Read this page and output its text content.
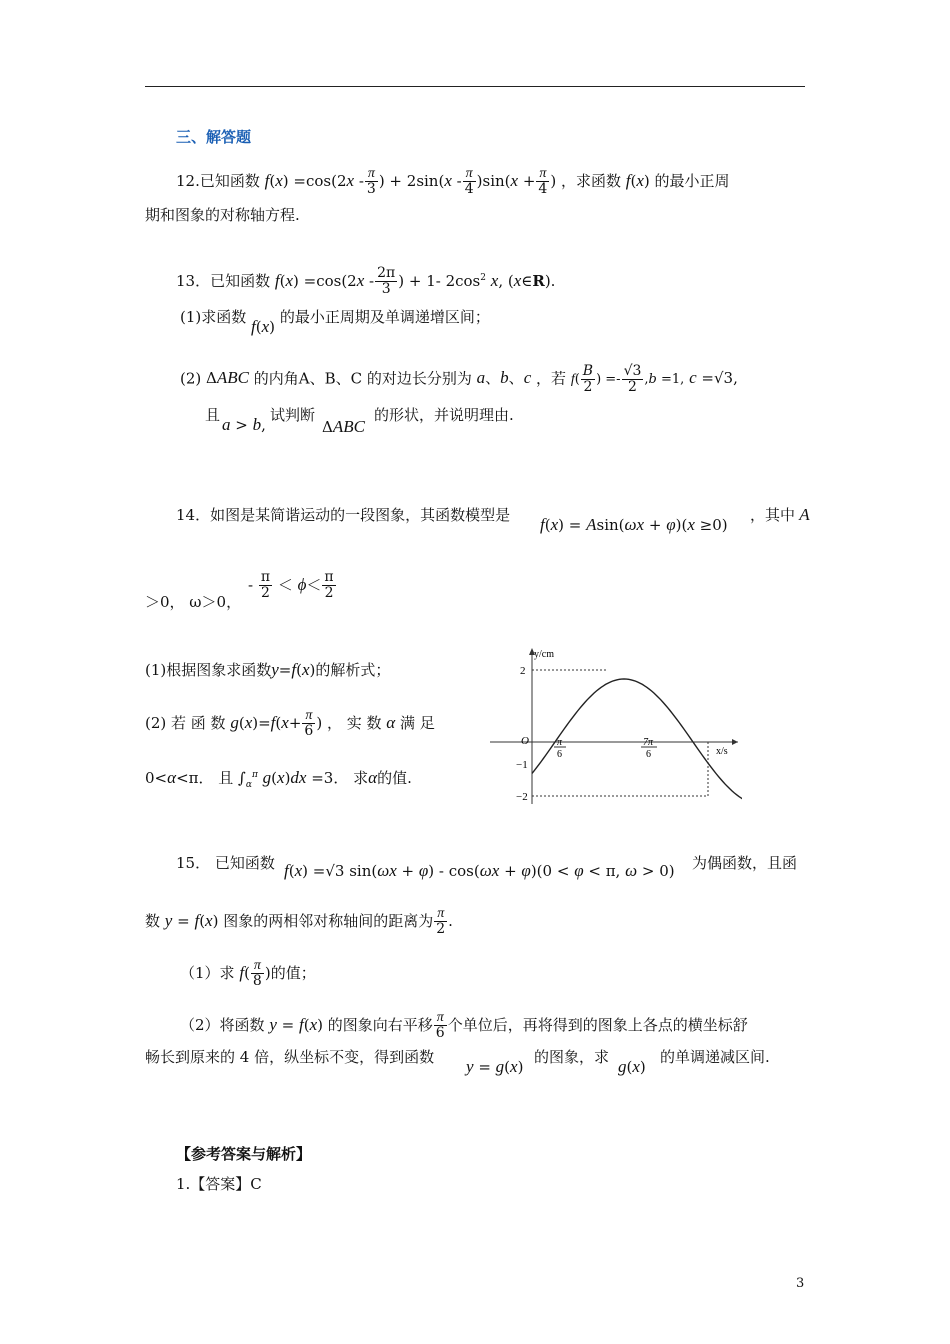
三、解答题
12.已知函数 $f(x) =\cos(2x - \frac{\pi}{3}$ ) + $2\sin(x - \frac{\pi}{4} )\sin(x + \frac{\pi}{4}$ ) ，求函数 f(x) 的最小正周
期和图象的对称轴方程.
13．已知函数 $f(x) =\cos(2x - \frac{2\pi}{3}$ ) + 1- $2\cos^2$ x, (x∈R).
(1)求函数 f(x) 的最小正周期及单调递增区间；
(2) ΔABC 的内角A、B、C 的对边长分别为 a、b、c ，若 $f( \frac{B}{2}$ ) =- $\frac{√3}{2} ,b =1$, c =√3,
且 a > b,
试判断
ΔABC
的形状，并说明理由.
14．如图是某简谐运动的一段图象，其函数模型是 f(x) = Asin(ωx + φ)(x ≥0)
，其中 A
＞0， ω＞0，
- $\frac{\pi}{2} < \phi< \frac{\pi}{2}$
(1)根据图象求函数y=f(x)的解析式；
(2) 若 函 数 $g(x)=f(x+ \frac{\pi}{6}$ ) ， 实 数 α 满 足
0<α<π． 且 $\int_\alpha^\pi$ g(x)dx =3． 求α的值.
y/cm
x/s
2
−1
−2
O	π
6
7π
6
15． 已知函数 f(x) =√3 sin(ωx + φ) - cos(ωx + φ)(0 < φ < π, ω > 0) 为偶函数，且函
数 y = f(x) 图象的两相邻对称轴间的距离为 $\frac{\pi}{2}$ .
（1）求 $f( \frac{\pi}{8}$ )的值；
（2）将函数 y = f(x) 的图象向右平移 $\frac{\pi}{6}$ 个单位后，再将得到的图象上各点的横坐标舒
畅长到原来的 4 倍，纵坐标不变，得到函数 y = g(x)
的图象，求 g(x)
的单调递减区间.
【参考答案与解析】
1.【答案】C
3
